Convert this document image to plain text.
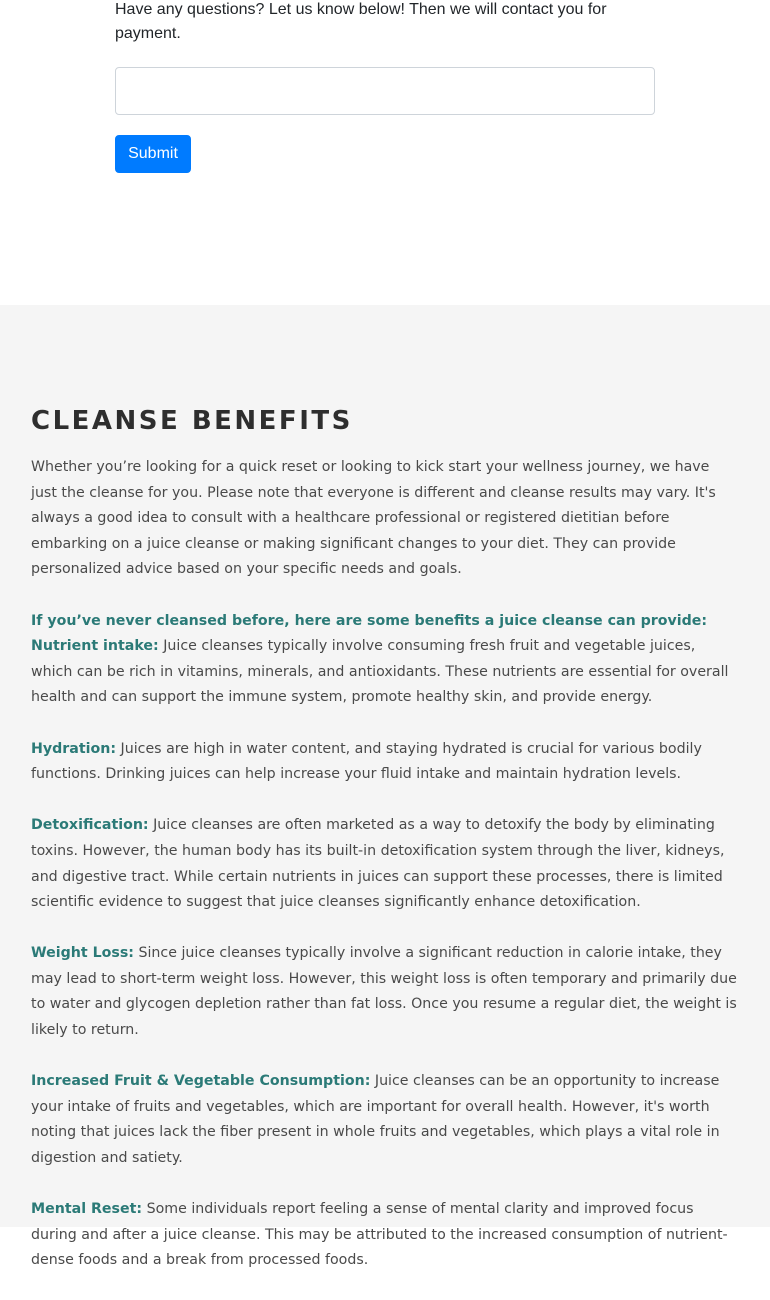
Have any questions? Let us know below! Then we will contact you for payment.

Submit
CLEANSE BENEFITS

Whether you’re looking for a quick reset or looking to kick start your wellness journey, we have just the cleanse for you. Please note that everyone is different and cleanse results may vary. It's always a good idea to consult with a healthcare professional or registered dietitian before embarking on a juice cleanse or making significant changes to your diet. They can provide personalized advice based on your specific needs and goals.

If you’ve never cleansed before, here are some benefits a juice cleanse can provide:
Nutrient intake: Juice cleanses typically involve consuming fresh fruit and vegetable juices, which can be rich in vitamins, minerals, and antioxidants. These nutrients are essential for overall health and can support the immune system, promote healthy skin, and provide energy.
Hydration: Juices are high in water content, and staying hydrated is crucial for various bodily functions. Drinking juices can help increase your fluid intake and maintain hydration levels.
Detoxification: Juice cleanses are often marketed as a way to detoxify the body by eliminating toxins. However, the human body has its built-in detoxification system through the liver, kidneys, and digestive tract. While certain nutrients in juices can support these processes, there is limited scientific evidence to suggest that juice cleanses significantly enhance detoxification.
Weight Loss: Since juice cleanses typically involve a significant reduction in calorie intake, they may lead to short-term weight loss. However, this weight loss is often temporary and primarily due to water and glycogen depletion rather than fat loss. Once you resume a regular diet, the weight is likely to return.
Increased Fruit & Vegetable Consumption: Juice cleanses can be an opportunity to increase your intake of fruits and vegetables, which are important for overall health. However, it's worth noting that juices lack the fiber present in whole fruits and vegetables, which plays a vital role in digestion and satiety.
Mental Reset: Some individuals report feeling a sense of mental clarity and improved focus during and after a juice cleanse. This may be attributed to the increased consumption of nutrient-dense foods and a break from processed foods.
